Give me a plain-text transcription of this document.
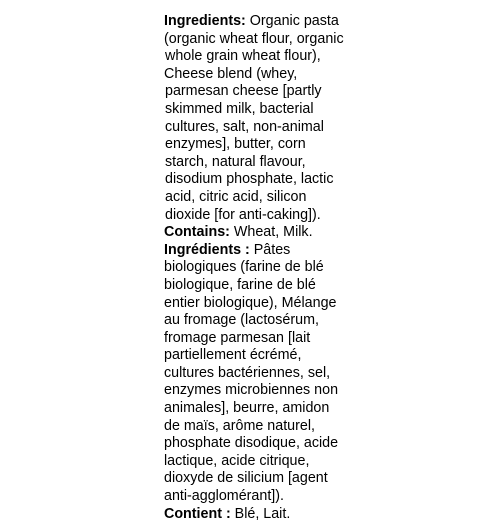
Ingredients: Organic pasta
(organic wheat flour, organic
whole grain wheat flour),
Cheese blend (whey,
parmesan cheese [partly
skimmed milk, bacterial
cultures, salt, non-animal
enzymes], butter, corn
starch, natural flavour,
disodium phosphate, lactic
acid, citric acid, silicon
dioxide [for anti-caking]).
Contains: Wheat, Milk.
Ingrédients : Pâtes
biologiques (farine de blé
biologique, farine de blé
entier biologique), Mélange
au fromage (lactosérum,
fromage parmesan [lait
partiellement écrémé,
cultures bactériennes, sel,
enzymes microbiennes non
animales], beurre, amidon
de maïs, arôme naturel,
phosphate disodique, acide
lactique, acide citrique,
dioxyde de silicium [agent
anti-agglomérant]).
Contient : Blé, Lait.
